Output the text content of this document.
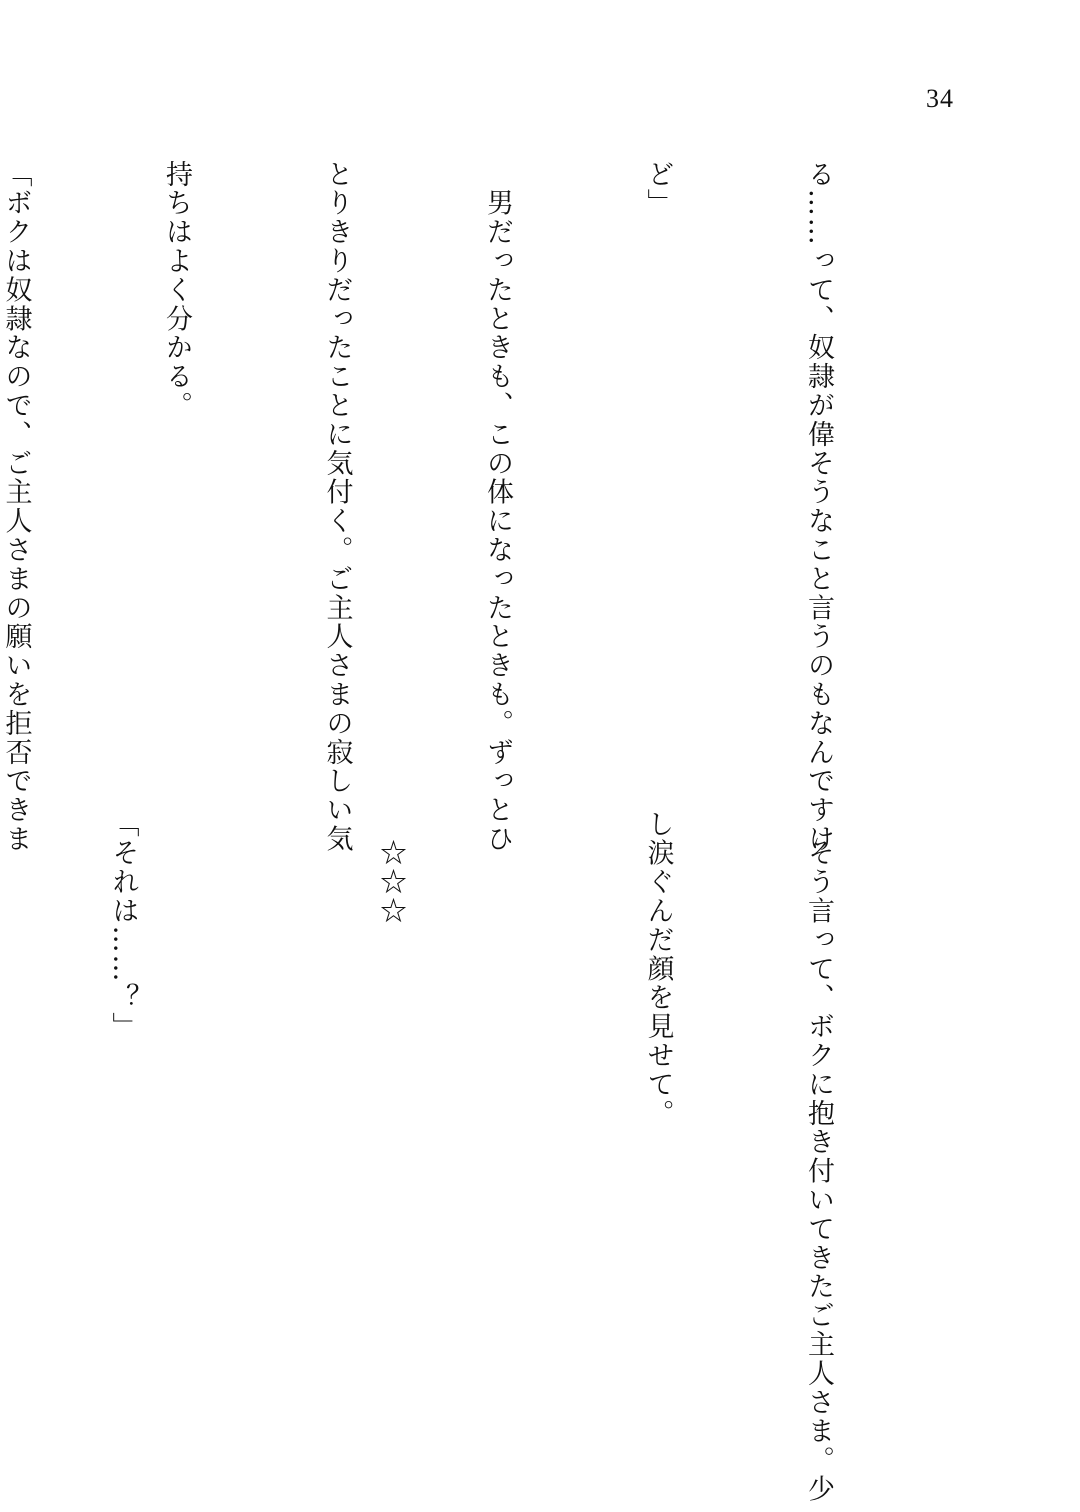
34

る……って、奴隷が偉そうなこと言うのもなんですけ

ど」

　男だったときも、この体になったときも。ずっとひ

とりきりだったことに気付く。ご主人さまの寂しい気

持ちはよく分かる。

「ボクは奴隷なので、ご主人さまの願いを拒否できま

　そう言って、ボクに抱き付いてきたご主人さま。少

し涙ぐんだ顔を見せて。

　☆☆☆

「それは……？」
